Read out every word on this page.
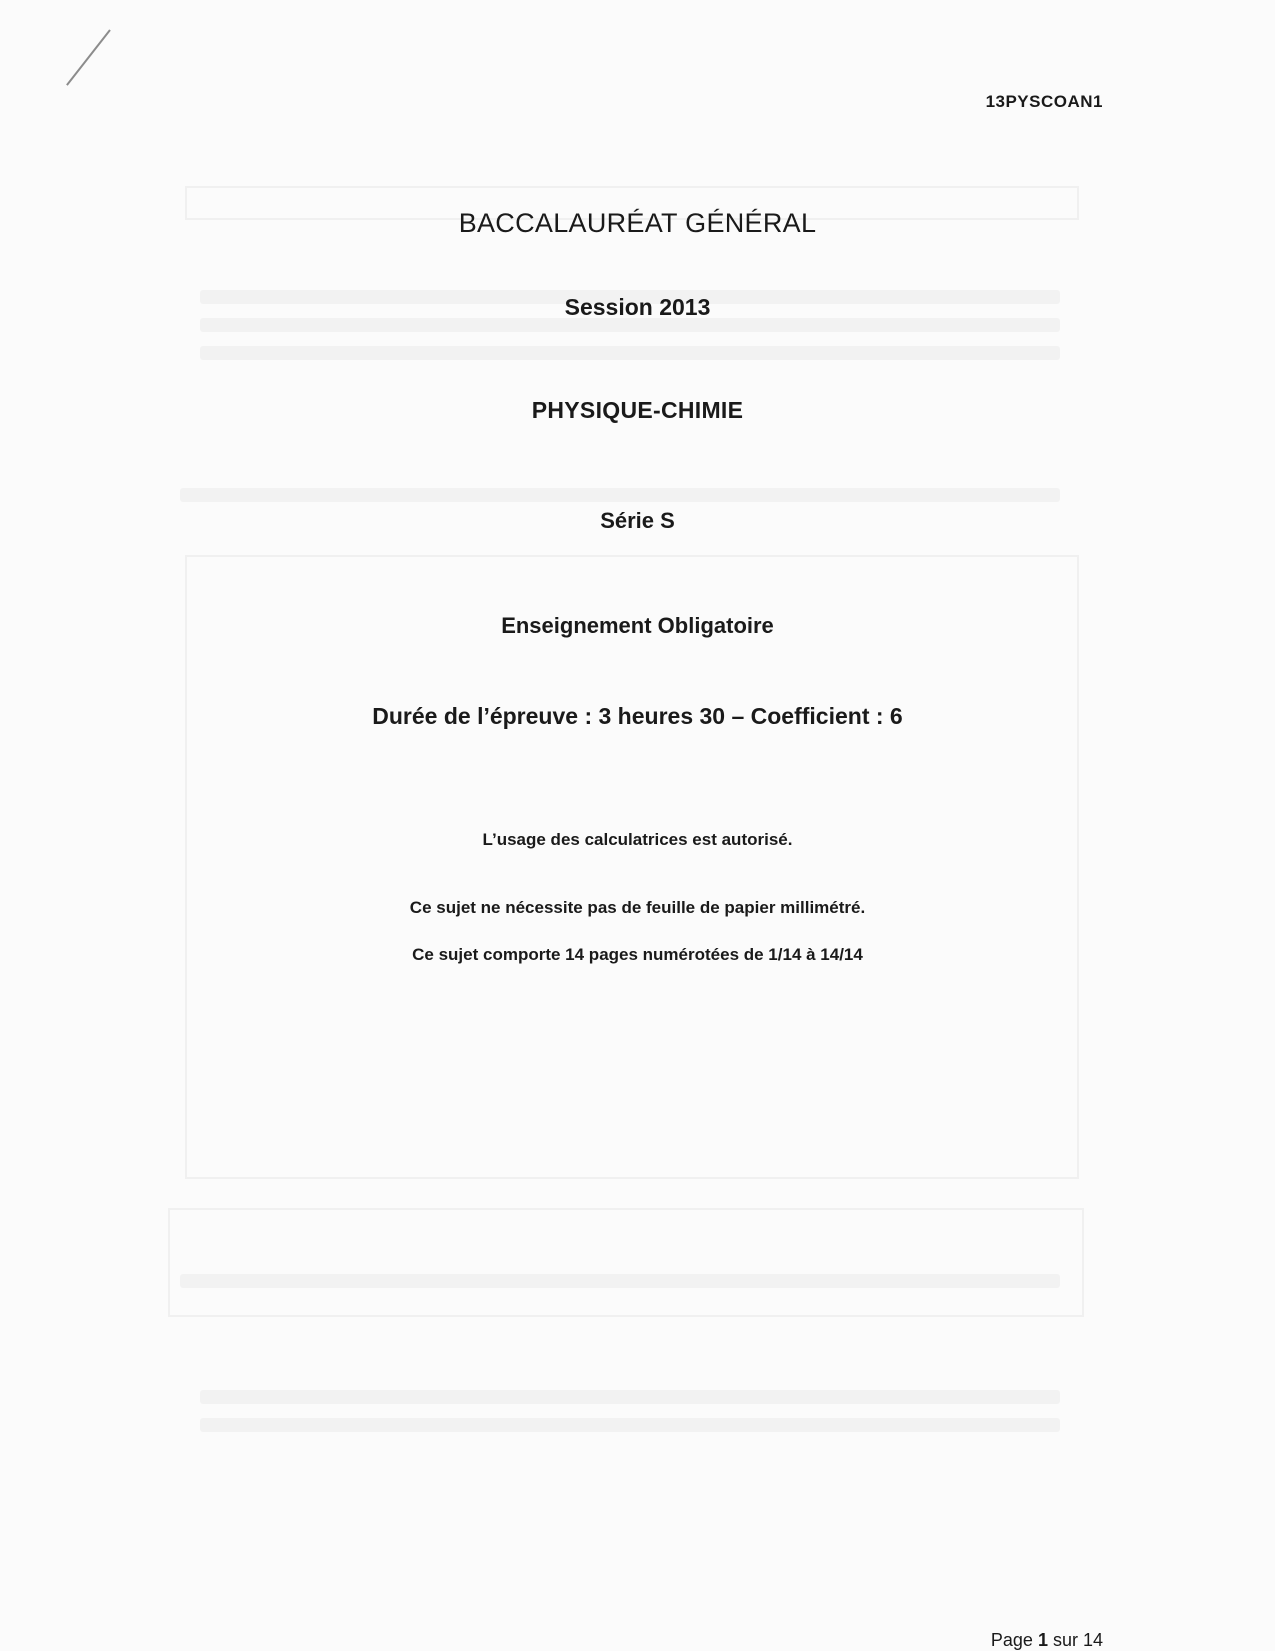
13PYSCOAN1
BACCALAURÉAT GÉNÉRAL
Session 2013
PHYSIQUE-CHIMIE
Série S
Enseignement Obligatoire
Durée de l’épreuve : 3 heures 30 – Coefficient : 6
L’usage des calculatrices est autorisé.
Ce sujet ne nécessite pas de feuille de papier millimétré.
Ce sujet comporte 14 pages numérotées de 1/14 à 14/14
Page 1 sur 14
